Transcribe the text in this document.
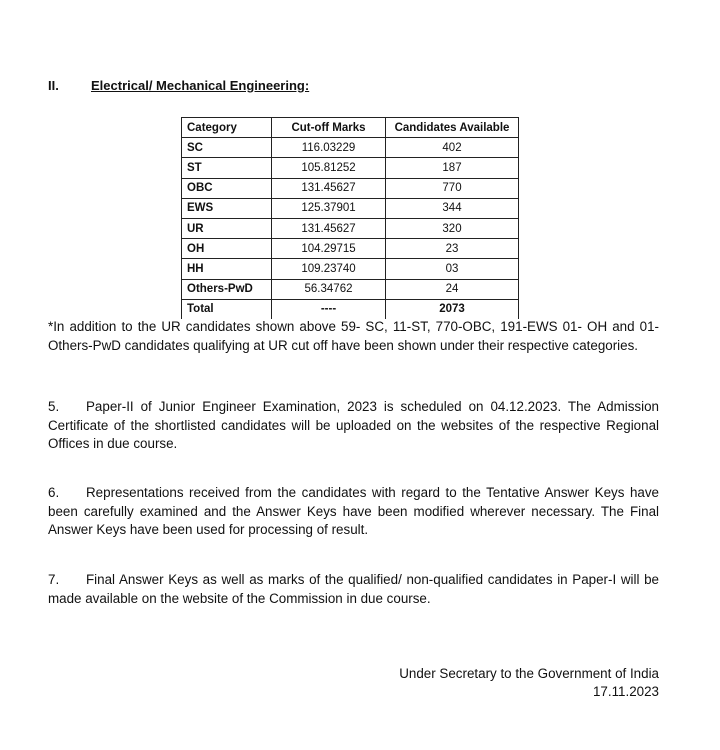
II. Electrical/ Mechanical Engineering:
Category	Cut-off Marks	Candidates Available
SC	116.03229	402
ST	105.81252	187
OBC	131.45627	770
EWS	125.37901	344
UR	131.45627	320
OH	104.29715	23
HH	109.23740	03
Others-PwD	56.34762	24
Total	----	2073
*In addition to the UR candidates shown above 59- SC, 11-ST, 770-OBC, 191-EWS 01- OH and 01-Others-PwD candidates qualifying at UR cut off have been shown under their respective categories.
5. Paper-II of Junior Engineer Examination, 2023 is scheduled on 04.12.2023. The Admission Certificate of the shortlisted candidates will be uploaded on the websites of the respective Regional Offices in due course.
6. Representations received from the candidates with regard to the Tentative Answer Keys have been carefully examined and the Answer Keys have been modified wherever necessary. The Final Answer Keys have been used for processing of result.
7. Final Answer Keys as well as marks of the qualified/ non-qualified candidates in Paper-I will be made available on the website of the Commission in due course.
Under Secretary to the Government of India
17.11.2023
